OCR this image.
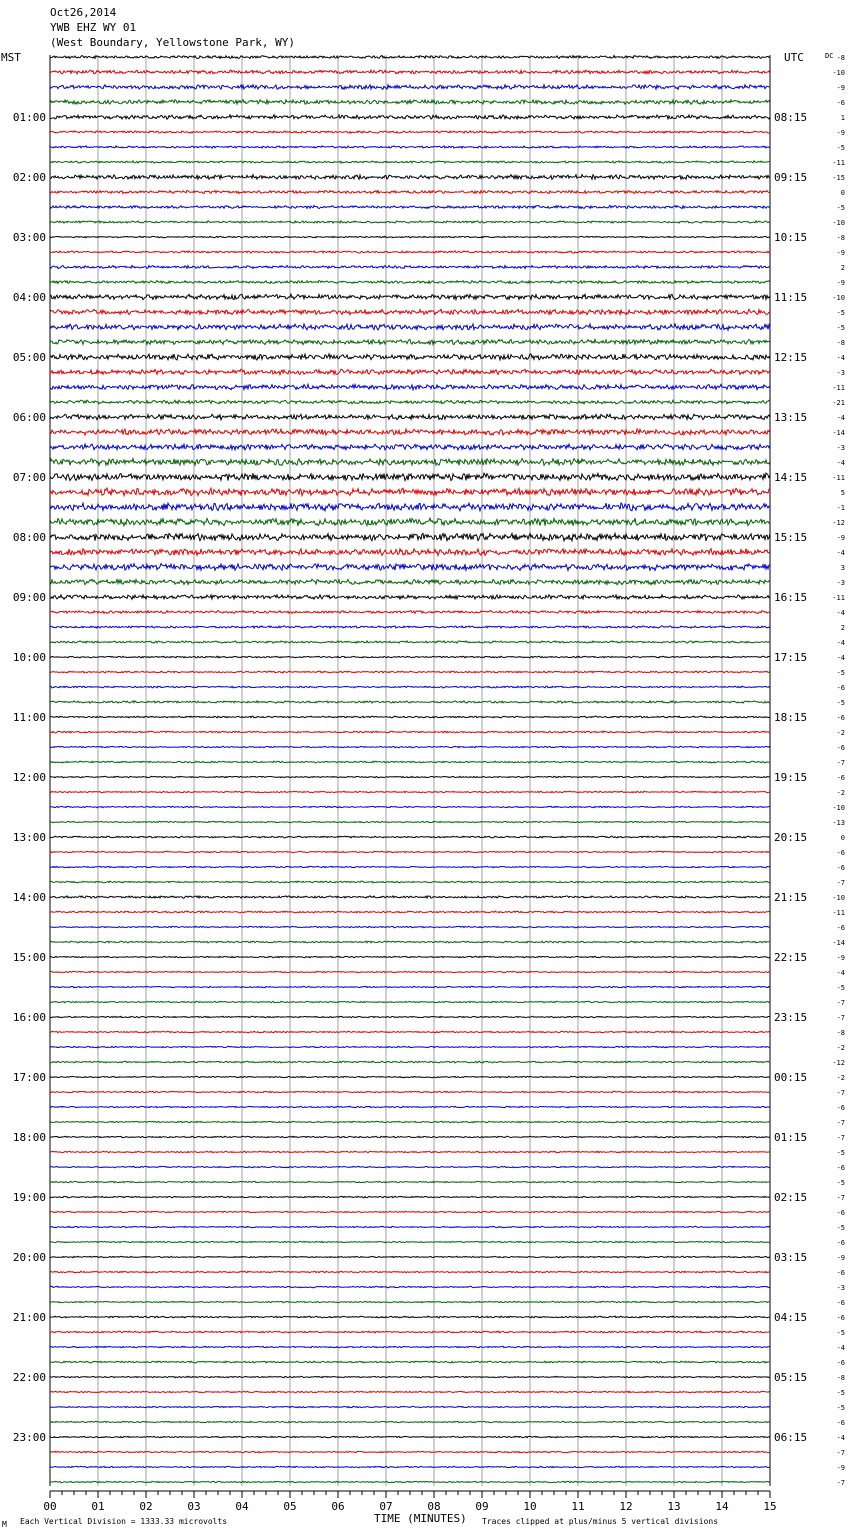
Oct26,2014
YWB EHZ WY 01
(West Boundary, Yellowstone Park, WY)
MST	UTC	DC
01:00	08:15
02:00	09:15
03:00	10:15
04:00	11:15
05:00	12:15
06:00	13:15
07:00	14:15
08:00	15:15
09:00	16:15
10:00	17:15
11:00	18:15
12:00	19:15
13:00	20:15
14:00	21:15
15:00	22:15
16:00	23:15
17:00	00:15
18:00	01:15
19:00	02:15
20:00	03:15
21:00	04:15
22:00	05:15
23:00	06:15
-8
-10
-9
-6
1
-9
-5
-11
-15
0
-5
-10
-8
-9
2
-9
-10
-5
-5
-8
-4
-3
-11
-21
-4
-14
-3
-4
-11
5
-1
-12
-9
-4
3
-3
-11
-4
2
-4
-4
-5
-6
-5
-6
-2
-6
-7
-6
-2
-10
-13
0
-6
-6
-7
-10
-11
-6
-14
-9
-4
-5
-7
-7
-8
-2
-12
-2
-7
-6
-7
-7
-5
-6
-5
-7
-6
-5
-6
-9
-6
-3
-6
-6
-5
-4
-6
-8
-5
-5
-6
-4
-7
-9
-7
00	01	02	03	04	05	06	07	08	09	10	11	12	13	14	15
TIME (MINUTES)
Each Vertical Division = 1333.33 microvolts	Traces clipped at plus/minus 5 vertical divisions
M
